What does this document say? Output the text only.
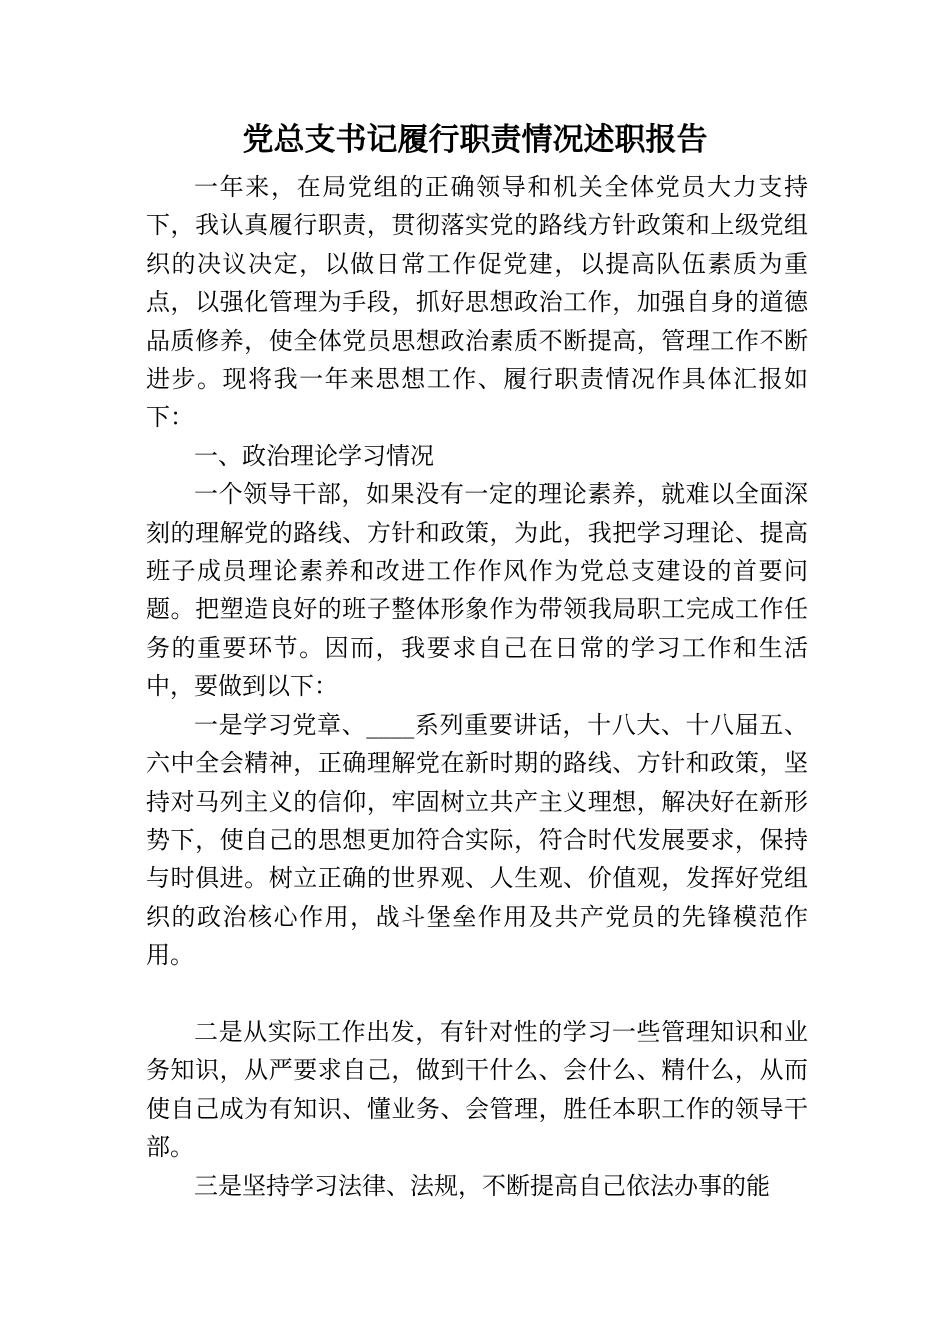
党总支书记履行职责情况述职报告

一年来，在局党组的正确领导和机关全体党员大力支持下，我认真履行职责，贯彻落实党的路线方针政策和上级党组织的决议决定，以做日常工作促党建，以提高队伍素质为重点，以强化管理为手段，抓好思想政治工作，加强自身的道德品质修养，使全体党员思想政治素质不断提高，管理工作不断进步。现将我一年来思想工作、履行职责情况作具体汇报如下：

一、政治理论学习情况

一个领导干部，如果没有一定的理论素养，就难以全面深刻的理解党的路线、方针和政策，为此，我把学习理论、提高班子成员理论素养和改进工作作风作为党总支建设的首要问题。把塑造良好的班子整体形象作为带领我局职工完成工作任务的重要环节。因而，我要求自己在日常的学习工作和生活中，要做到以下：

一是学习党章、____系列重要讲话，十八大、十八届五、六中全会精神，正确理解党在新时期的路线、方针和政策，坚持对马列主义的信仰，牢固树立共产主义理想，解决好在新形势下，使自己的思想更加符合实际，符合时代发展要求，保持与时俱进。树立正确的世界观、人生观、价值观，发挥好党组织的政治核心作用，战斗堡垒作用及共产党员的先锋模范作用。

二是从实际工作出发，有针对性的学习一些管理知识和业务知识，从严要求自己，做到干什么、会什么、精什么，从而使自己成为有知识、懂业务、会管理，胜任本职工作的领导干部。

三是坚持学习法律、法规，不断提高自己依法办事的能
